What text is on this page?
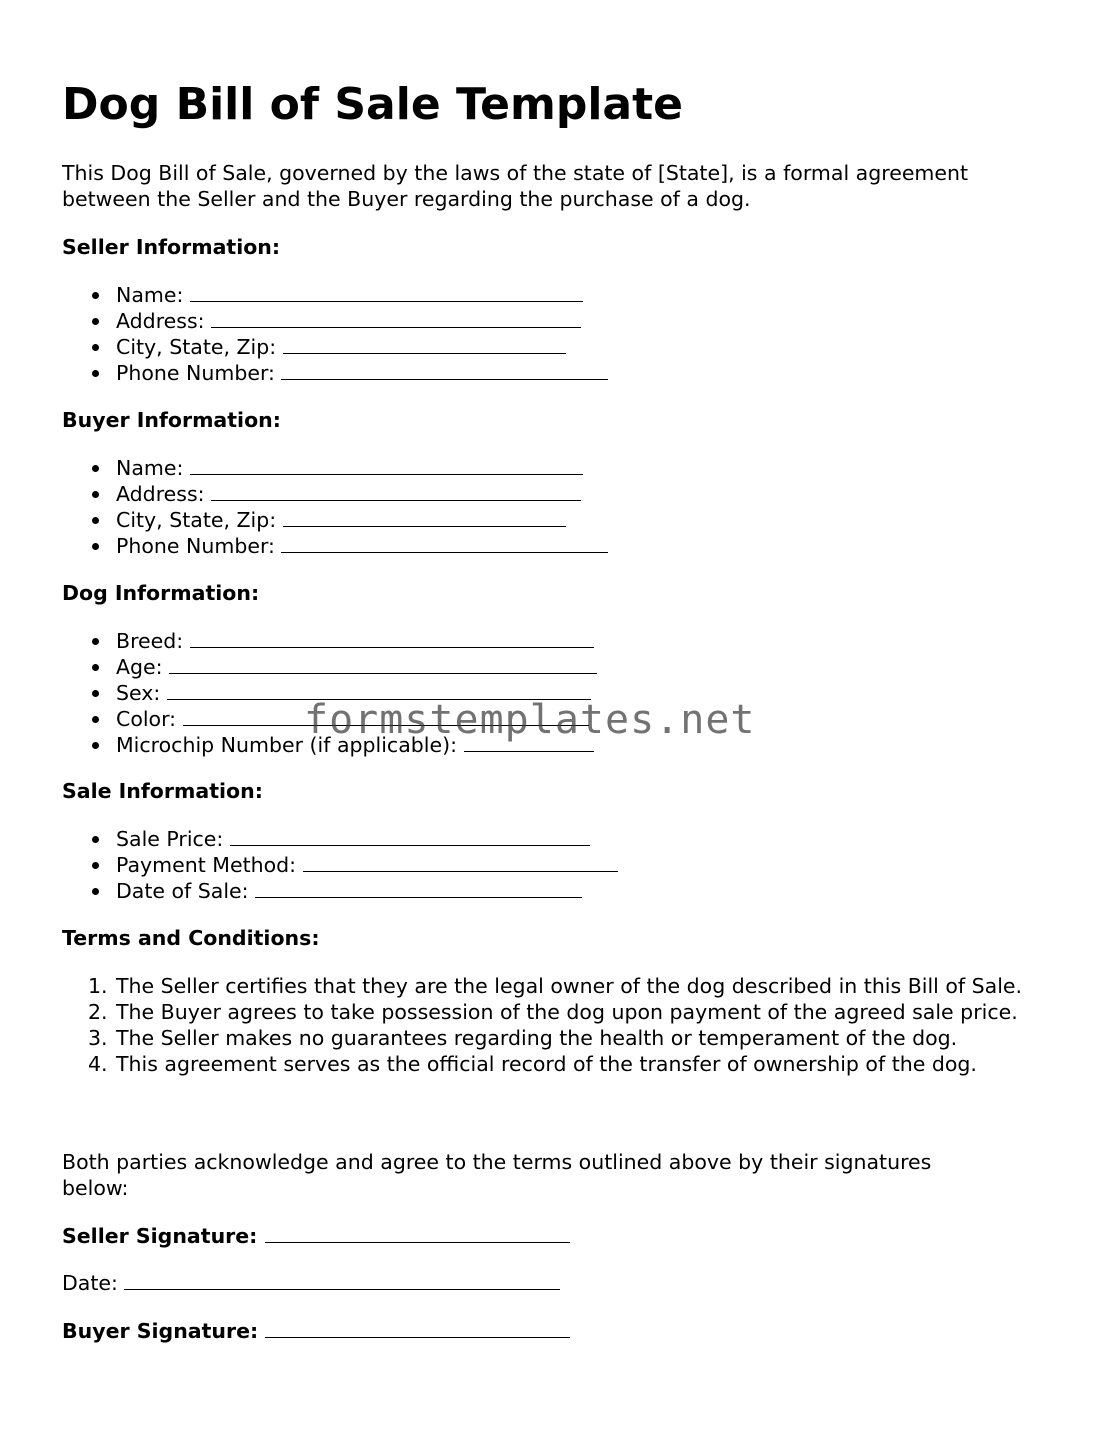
Dog Bill of Sale Template

This Dog Bill of Sale, governed by the laws of the state of [State], is a formal agreement between the Seller and the Buyer regarding the purchase of a dog.

Seller Information:

Name:
Address:
City, State, Zip:
Phone Number:

Buyer Information:

Name:
Address:
City, State, Zip:
Phone Number:

Dog Information:

Breed:
Age:
Sex:
Color:
Microchip Number (if applicable):

Sale Information:

Sale Price:
Payment Method:
Date of Sale:

Terms and Conditions:

1. The Seller certifies that they are the legal owner of the dog described in this Bill of Sale.
2. The Buyer agrees to take possession of the dog upon payment of the agreed sale price.
3. The Seller makes no guarantees regarding the health or temperament of the dog.
4. This agreement serves as the official record of the transfer of ownership of the dog.

Both parties acknowledge and agree to the terms outlined above by their signatures below:

Seller Signature:

Date:

Buyer Signature:

formstemplates.net
